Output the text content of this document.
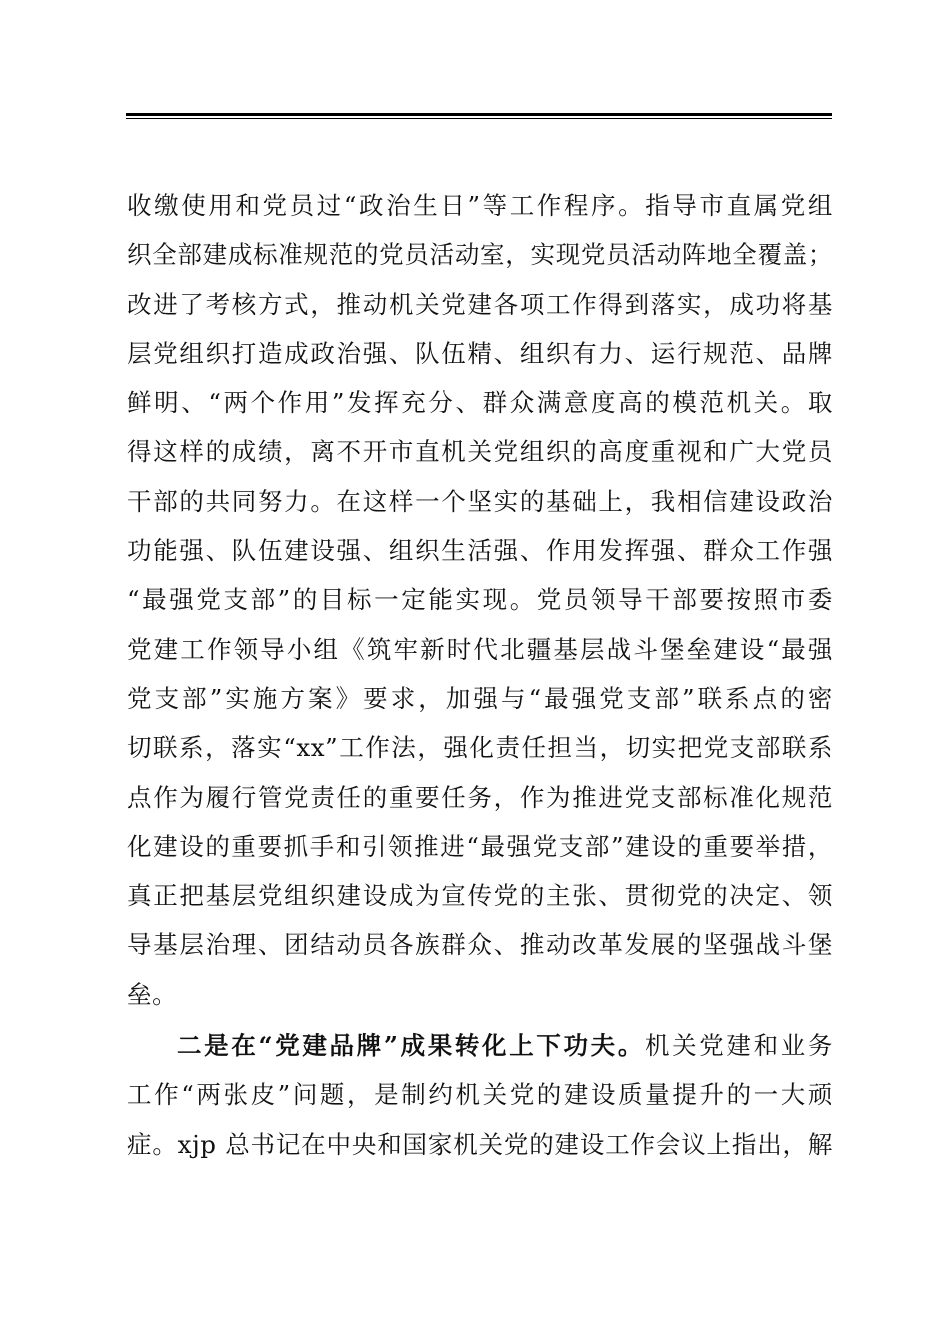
收缴使用和党员过“政治生日”等工作程序。指导市直属党组
织全部建成标准规范的党员活动室，实现党员活动阵地全覆盖；
改进了考核方式，推动机关党建各项工作得到落实，成功将基
层党组织打造成政治强、队伍精、组织有力、运行规范、品牌
鲜明、“两个作用”发挥充分、群众满意度高的模范机关。取
得这样的成绩，离不开市直机关党组织的高度重视和广大党员
干部的共同努力。在这样一个坚实的基础上，我相信建设政治
功能强、队伍建设强、组织生活强、作用发挥强、群众工作强
“最强党支部”的目标一定能实现。党员领导干部要按照市委
党建工作领导小组《筑牢新时代北疆基层战斗堡垒建设“最强
党支部”实施方案》要求，加强与“最强党支部”联系点的密
切联系，落实“xx”工作法，强化责任担当，切实把党支部联系
点作为履行管党责任的重要任务，作为推进党支部标准化规范
化建设的重要抓手和引领推进“最强党支部”建设的重要举措，
真正把基层党组织建设成为宣传党的主张、贯彻党的决定、领
导基层治理、团结动员各族群众、推动改革发展的坚强战斗堡
垒。
二是在“党建品牌”成果转化上下功夫。机关党建和业务
工作“两张皮”问题，是制约机关党的建设质量提升的一大顽
症。xjp 总书记在中央和国家机关党的建设工作会议上指出，解
